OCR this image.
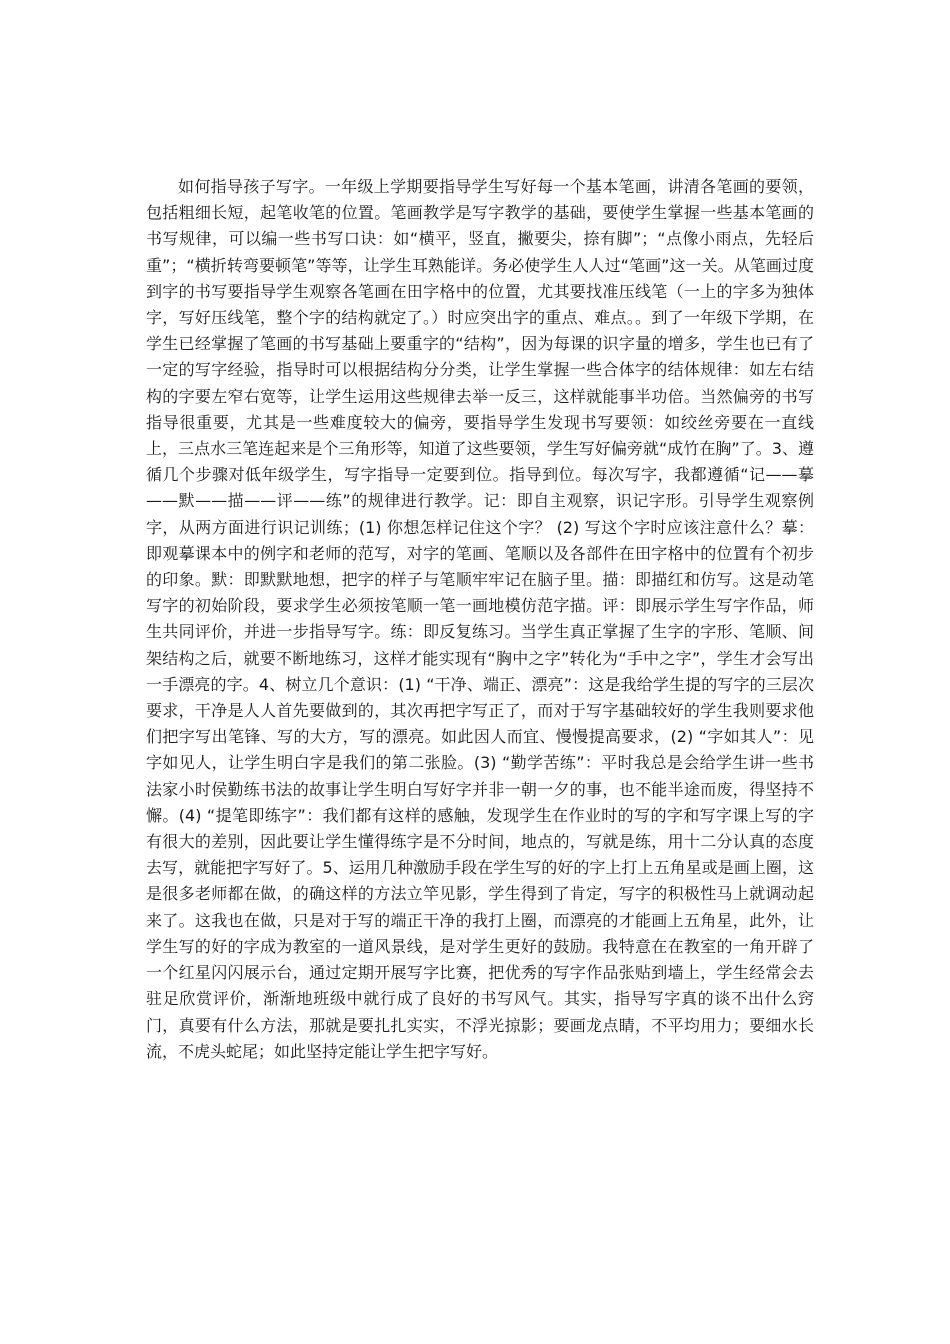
如何指导孩子写字。一年级上学期要指导学生写好每一个基本笔画，讲清各笔画的要领，包括粗细长短，起笔收笔的位置。笔画教学是写字教学的基础，要使学生掌握一些基本笔画的书写规律，可以编一些书写口诀：如“横平，竖直，撇要尖，捺有脚”；“点像小雨点，先轻后重”；“横折转弯要顿笔”等等，让学生耳熟能详。务必使学生人人过“笔画”这一关。从笔画过度到字的书写要指导学生观察各笔画在田字格中的位置，尤其要找准压线笔（一上的字多为独体字，写好压线笔，整个字的结构就定了。）时应突出字的重点、难点。。到了一年级下学期，在学生已经掌握了笔画的书写基础上要重字的“结构”，因为每课的识字量的增多，学生也已有了一定的写字经验，指导时可以根据结构分分类，让学生掌握一些合体字的结体规律：如左右结构的字要左窄右宽等，让学生运用这些规律去举一反三，这样就能事半功倍。当然偏旁的书写指导很重要，尤其是一些难度较大的偏旁，要指导学生发现书写要领：如绞丝旁要在一直线上，三点水三笔连起来是个三角形等，知道了这些要领，学生写好偏旁就“成竹在胸”了。3、遵循几个步骤对低年级学生，写字指导一定要到位。指导到位。每次写字，我都遵循“记——摹——默——描——评——练”的规律进行教学。记：即自主观察，识记字形。引导学生观察例字，从两方面进行识记训练；(1) 你想怎样记住这个字？ (2) 写这个字时应该注意什么？摹：即观摹课本中的例字和老师的范写，对字的笔画、笔顺以及各部件在田字格中的位置有个初步的印象。默：即默默地想，把字的样子与笔顺牢牢记在脑子里。描：即描红和仿写。这是动笔写字的初始阶段，要求学生必须按笔顺一笔一画地模仿范字描。评：即展示学生写字作品，师生共同评价，并进一步指导写字。练：即反复练习。当学生真正掌握了生字的字形、笔顺、间架结构之后，就要不断地练习，这样才能实现有“胸中之字”转化为“手中之字”，学生才会写出一手漂亮的字。4、树立几个意识：(1) “干净、端正、漂亮”：这是我给学生提的写字的三层次要求，干净是人人首先要做到的，其次再把字写正了，而对于写字基础较好的学生我则要求他们把字写出笔锋、写的大方，写的漂亮。如此因人而宜、慢慢提高要求，(2) “字如其人”：见字如见人，让学生明白字是我们的第二张脸。(3) “勤学苦练”：平时我总是会给学生讲一些书法家小时侯勤练书法的故事让学生明白写好字并非一朝一夕的事，也不能半途而废，得坚持不懈。(4) “提笔即练字”：我们都有这样的感触，发现学生在作业时的写的字和写字课上写的字有很大的差别，因此要让学生懂得练字是不分时间，地点的，写就是练，用十二分认真的态度去写，就能把字写好了。5、运用几种激励手段在学生写的好的字上打上五角星或是画上圈，这是很多老师都在做，的确这样的方法立竿见影，学生得到了肯定，写字的积极性马上就调动起来了。这我也在做，只是对于写的端正干净的我打上圈，而漂亮的才能画上五角星，此外，让学生写的好的字成为教室的一道风景线，是对学生更好的鼓励。我特意在在教室的一角开辟了一个红星闪闪展示台，通过定期开展写字比赛，把优秀的写字作品张贴到墙上，学生经常会去驻足欣赏评价，渐渐地班级中就行成了良好的书写风气。其实，指导写字真的谈不出什么窍门，真要有什么方法，那就是要扎扎实实，不浮光掠影；要画龙点睛，不平均用力；要细水长流，不虎头蛇尾；如此坚持定能让学生把字写好。
